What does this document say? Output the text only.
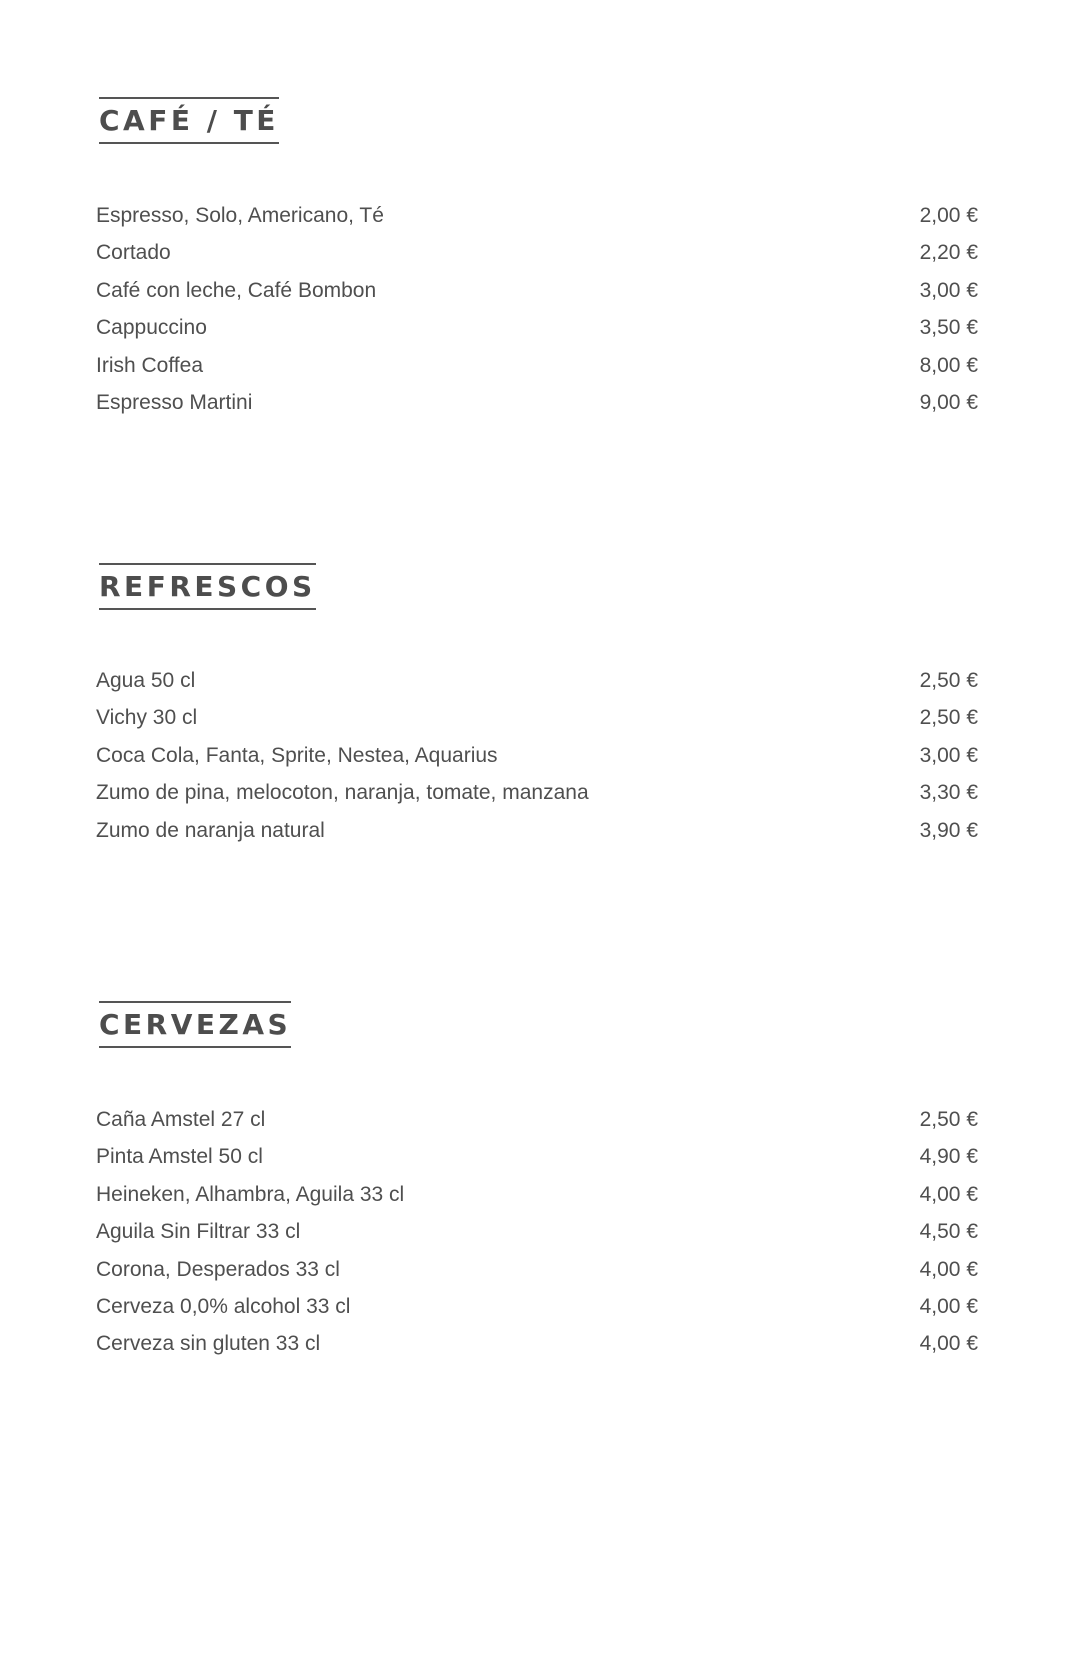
CAFÉ / TÉ
Espresso, Solo, Americano, Té	2,00 €
Cortado	2,20 €
Café con leche, Café Bombon	3,00 €
Cappuccino	3,50 €
Irish Coffea	8,00 €
Espresso Martini	9,00 €
REFRESCOS
Agua 50 cl	2,50 €
Vichy 30 cl	2,50 €
Coca Cola, Fanta, Sprite, Nestea, Aquarius	3,00 €
Zumo de pina, melocoton, naranja, tomate, manzana	3,30 €
Zumo de naranja natural	3,90 €
CERVEZAS
Caña Amstel 27 cl	2,50 €
Pinta Amstel 50 cl	4,90 €
Heineken, Alhambra, Aguila 33 cl	4,00 €
Aguila Sin Filtrar 33 cl	4,50 €
Corona, Desperados 33 cl	4,00 €
Cerveza 0,0% alcohol 33 cl	4,00 €
Cerveza sin gluten 33 cl	4,00 €
